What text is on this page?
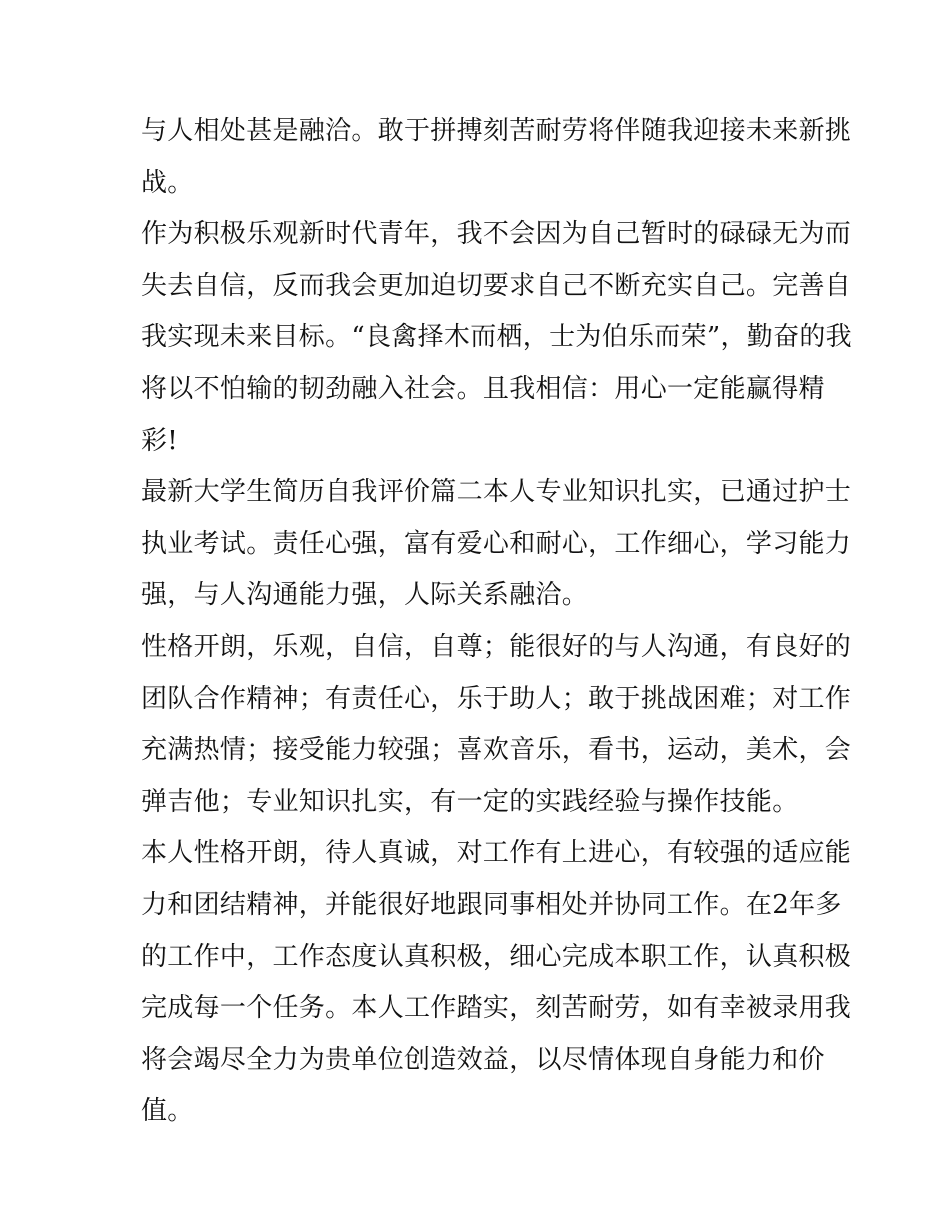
与人相处甚是融洽。敢于拼搏刻苦耐劳将伴随我迎接未来新挑
战。

作为积极乐观新时代青年，我不会因为自己暂时的碌碌无为而
失去自信，反而我会更加迫切要求自己不断充实自己。完善自
我实现未来目标。“良禽择木而栖，士为伯乐而荣”，勤奋的我
将以不怕输的韧劲融入社会。且我相信：用心一定能赢得精
彩!

最新大学生简历自我评价篇二本人专业知识扎实，已通过护士
执业考试。责任心强，富有爱心和耐心，工作细心，学习能力
强，与人沟通能力强，人际关系融洽。

性格开朗，乐观，自信，自尊；能很好的与人沟通，有良好的
团队合作精神；有责任心，乐于助人；敢于挑战困难；对工作
充满热情；接受能力较强；喜欢音乐，看书，运动，美术，会
弹吉他；专业知识扎实，有一定的实践经验与操作技能。

本人性格开朗，待人真诚，对工作有上进心，有较强的适应能
力和团结精神，并能很好地跟同事相处并协同工作。在2年多
的工作中，工作态度认真积极，细心完成本职工作，认真积极
完成每一个任务。本人工作踏实，刻苦耐劳，如有幸被录用我
将会竭尽全力为贵单位创造效益，以尽情体现自身能力和价
值。
